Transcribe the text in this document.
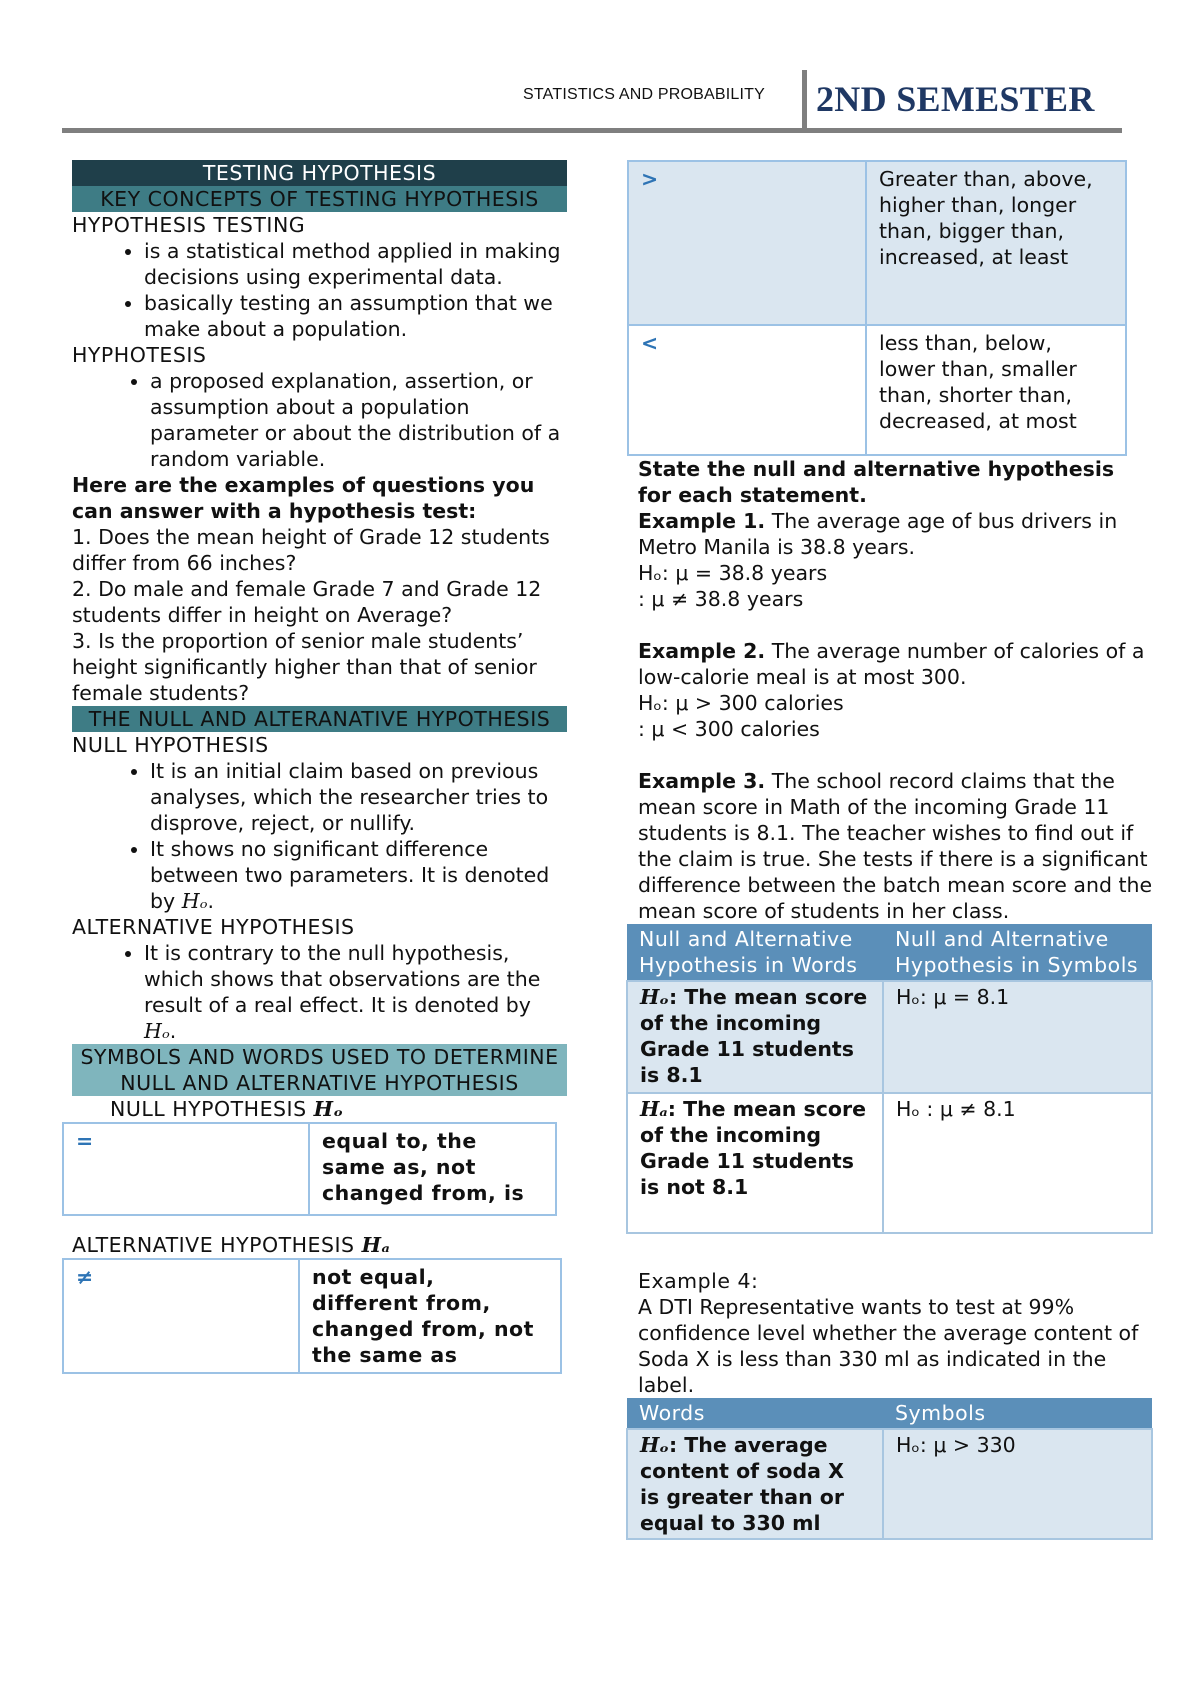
STATISTICS AND PROBABILITY 2ND SEMESTER
TESTING HYPOTHESIS
KEY CONCEPTS OF TESTING HYPOTHESIS

HYPOTHESIS TESTING

• is a statistical method applied in making decisions using experimental data.
• basically testing an assumption that we make about a population.

HYPHOTESIS

• a proposed explanation, assertion, or assumption about a population parameter or about the distribution of a random variable.

Here are the examples of questions you can answer with a hypothesis test:

1. Does the mean height of Grade 12 students differ from 66 inches?

2. Do male and female Grade 7 and Grade 12 students differ in height on Average?

3. Is the proportion of senior male students’ height significantly higher than that of senior female students?

THE NULL AND ALTERANATIVE HYPOTHESIS

NULL HYPOTHESIS

• It is an initial claim based on previous analyses, which the researcher tries to disprove, reject, or nullify.
• It shows no significant difference between two parameters. It is denoted by Hₒ.

ALTERNATIVE HYPOTHESIS

• It is contrary to the null hypothesis, which shows that observations are the result of a real effect. It is denoted by Hₒ.
SYMBOLS AND WORDS USED TO DETERMINE NULL AND ALTERNATIVE HYPOTHESIS

NULL HYPOTHESIS Hₒ

=	equal to, the same as, not changed from, is

ALTERNATIVE HYPOTHESIS Hₐ

≠	not equal, different from, changed from, not the same as
>	Greater than, above, higher than, longer than, bigger than, increased, at least
<	less than, below, lower than, smaller than, shorter than, decreased, at most

State the null and alternative hypothesis for each statement.

Example 1. The average age of bus drivers in Metro Manila is 38.8 years.

Hₒ: μ = 38.8 years

: μ ≠ 38.8 years

Example 2. The average number of calories of a low-calorie meal is at most 300.

Hₒ: μ > 300 calories

: μ < 300 calories

Example 3. The school record claims that the mean score in Math of the incoming Grade 11 students is 8.1. The teacher wishes to find out if the claim is true. She tests if there is a significant difference between the batch mean score and the mean score of students in her class.

Null and Alternative Hypothesis in Words	Null and Alternative Hypothesis in Symbols
Hₒ: The mean score of the incoming Grade 11 students is 8.1	Hₒ: μ = 8.1
Hₐ: The mean score of the incoming Grade 11 students is not 8.1	Hₒ : μ ≠ 8.1

Example 4:

A DTI Representative wants to test at 99% confidence level whether the average content of Soda X is less than 330 ml as indicated in the label.

Words	Symbols
Hₒ: The average content of soda X is greater than or equal to 330 ml	Hₒ: μ > 330
